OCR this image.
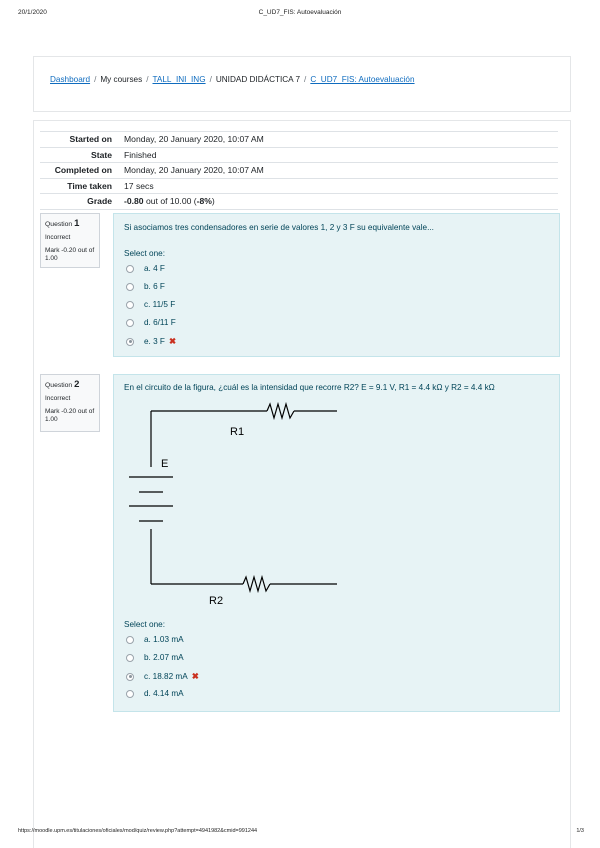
20/1/2020	C_UD7_FIS: Autoevaluación
Dashboard / My courses / TALL_INI_ING / UNIDAD DIDÁCTICA 7 / C_UD7_FIS: Autoevaluación
Started on	Monday, 20 January 2020, 10:07 AM
State	Finished
Completed on	Monday, 20 January 2020, 10:07 AM
Time taken	17 secs
Grade	-0.80 out of 10.00 (-8%)
Question 1
Incorrect
Mark -0.20 out of 1.00
Si asociamos tres condensadores en serie de valores 1, 2 y 3 F su equivalente vale...
Select one:
a. 4 F
b. 6 F
c. 11/5 F
d. 6/11 F
e. 3 F ✖
Question 2
Incorrect
Mark -0.20 out of 1.00
En el circuito de la figura, ¿cuál es la intensidad que recorre R2? E = 9.1 V, R1 = 4.4 kΩ y R2 = 4.4 kΩ
R1
E
R2
Select one:
a. 1.03 mA
b. 2.07 mA
c. 18.82 mA ✖
d. 4.14 mA
https://moodle.upm.es/titulaciones/oficiales/mod/quiz/review.php?attempt=4941982&cmid=991244	1/3
